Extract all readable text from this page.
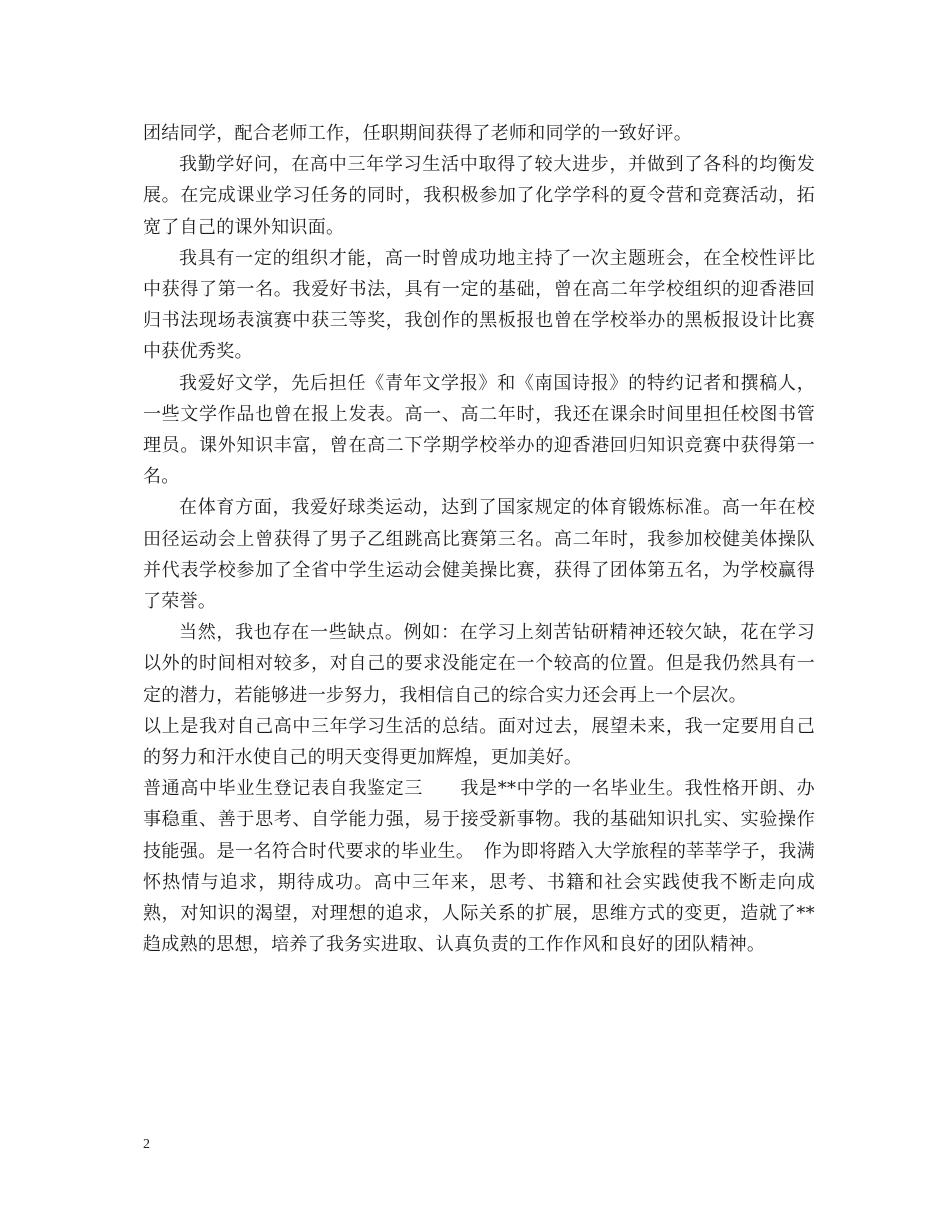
团结同学，配合老师工作，任职期间获得了老师和同学的一致好评。

我勤学好问，在高中三年学习生活中取得了较大进步，并做到了各科的均衡发展。在完成课业学习任务的同时，我积极参加了化学学科的夏令营和竞赛活动，拓宽了自己的课外知识面。

我具有一定的组织才能，高一时曾成功地主持了一次主题班会，在全校性评比中获得了第一名。我爱好书法，具有一定的基础，曾在高二年学校组织的迎香港回归书法现场表演赛中获三等奖，我创作的黑板报也曾在学校举办的黑板报设计比赛中获优秀奖。

我爱好文学，先后担任《青年文学报》和《南国诗报》的特约记者和撰稿人，一些文学作品也曾在报上发表。高一、高二年时，我还在课余时间里担任校图书管理员。课外知识丰富，曾在高二下学期学校举办的迎香港回归知识竞赛中获得第一名。

在体育方面，我爱好球类运动，达到了国家规定的体育锻炼标准。高一年在校田径运动会上曾获得了男子乙组跳高比赛第三名。高二年时，我参加校健美体操队并代表学校参加了全省中学生运动会健美操比赛，获得了团体第五名，为学校赢得了荣誉。

当然，我也存在一些缺点。例如：在学习上刻苦钻研精神还较欠缺，花在学习以外的时间相对较多，对自己的要求没能定在一个较高的位置。但是我仍然具有一定的潜力，若能够进一步努力，我相信自己的综合实力还会再上一个层次。

以上是我对自己高中三年学习生活的总结。面对过去，展望未来，我一定要用自己的努力和汗水使自己的明天变得更加辉煌，更加美好。

普通高中毕业生登记表自我鉴定三　　我是**中学的一名毕业生。我性格开朗、办事稳重、善于思考、自学能力强，易于接受新事物。我的基础知识扎实、实验操作技能强。是一名符合时代要求的毕业生。　作为即将踏入大学旅程的莘莘学子，我满怀热情与追求，期待成功。高中三年来，思考、书籍和社会实践使我不断走向成熟，对知识的渴望，对理想的追求，人际关系的扩展，思维方式的变更，造就了**趋成熟的思想，培养了我务实进取、认真负责的工作作风和良好的团队精神。

2
